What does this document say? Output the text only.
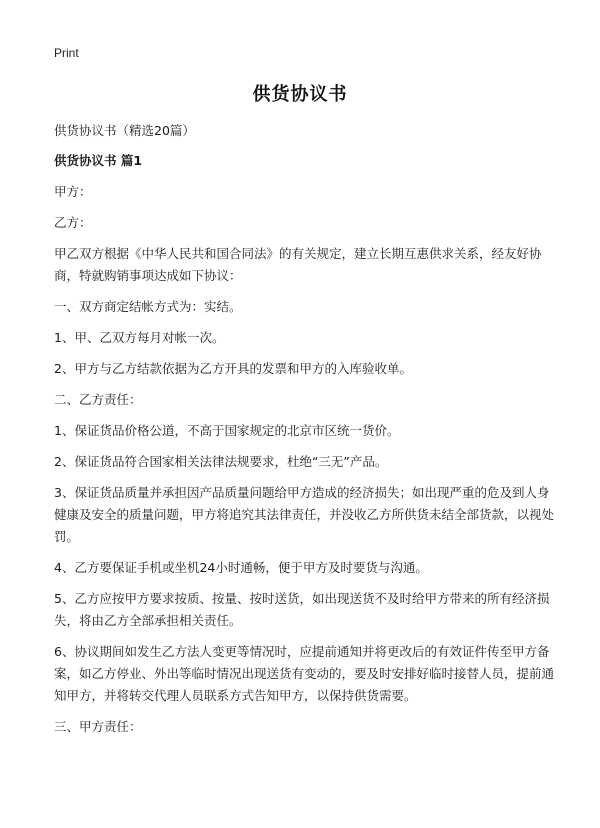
Print
供货协议书
供货协议书（精选20篇）
供货协议书 篇1

甲方：

乙方：

甲乙双方根据《中华人民共和国合同法》的有关规定，建立长期互惠供求关系，经友好协商，特就购销事项达成如下协议：

一、双方商定结帐方式为：实结。

1、甲、乙双方每月对帐一次。

2、甲方与乙方结款依据为乙方开具的发票和甲方的入库验收单。

二、乙方责任：

1、保证货品价格公道，不高于国家规定的北京市区统一货价。

2、保证货品符合国家相关法律法规要求，杜绝“三无”产品。

3、保证货品质量并承担因产品质量问题给甲方造成的经济损失；如出现严重的危及到人身健康及安全的质量问题，甲方将追究其法律责任，并没收乙方所供货未结全部货款，以视处罚。

4、乙方要保证手机或坐机24小时通畅，便于甲方及时要货与沟通。

5、乙方应按甲方要求按质、按量、按时送货，如出现送货不及时给甲方带来的所有经济损失，将由乙方全部承担相关责任。

6、协议期间如发生乙方法人变更等情况时，应提前通知并将更改后的有效证件传至甲方备案，如乙方停业、外出等临时情况出现送货有变动的，要及时安排好临时接替人员，提前通知甲方，并将转交代理人员联系方式告知甲方，以保持供货需要。

三、甲方责任：
